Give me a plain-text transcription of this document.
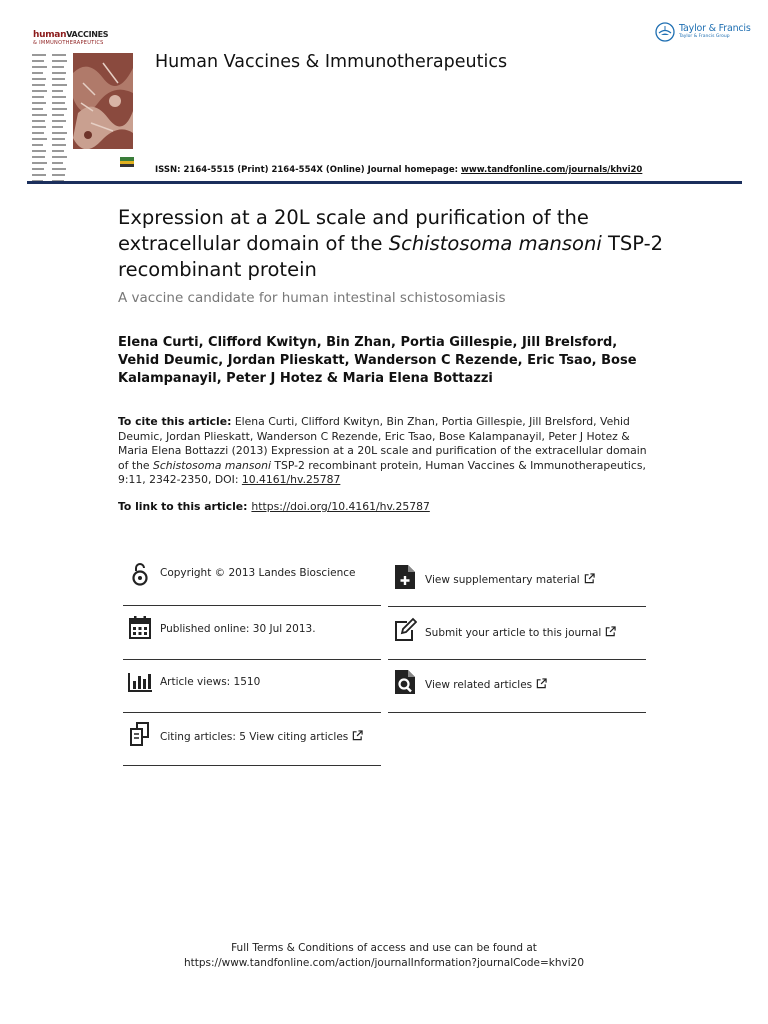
humanVACCINES
& IMMUNOTHERAPEUTICS
Human Vaccines & Immunotherapeutics
Taylor & Francis
Taylor & Francis Group
ISSN: 2164-5515 (Print) 2164-554X (Online) Journal homepage: www.tandfonline.com/journals/khvi20
Expression at a 20L scale and purification of the extracellular domain of the Schistosoma mansoni TSP-2 recombinant protein
A vaccine candidate for human intestinal schistosomiasis
Elena Curti, Clifford Kwityn, Bin Zhan, Portia Gillespie, Jill Brelsford, Vehid Deumic, Jordan Plieskatt, Wanderson C Rezende, Eric Tsao, Bose Kalampanayil, Peter J Hotez & Maria Elena Bottazzi
To cite this article: Elena Curti, Clifford Kwityn, Bin Zhan, Portia Gillespie, Jill Brelsford, Vehid Deumic, Jordan Plieskatt, Wanderson C Rezende, Eric Tsao, Bose Kalampanayil, Peter J Hotez & Maria Elena Bottazzi (2013) Expression at a 20L scale and purification of the extracellular domain of the Schistosoma mansoni TSP-2 recombinant protein, Human Vaccines & Immunotherapeutics, 9:11, 2342-2350, DOI: 10.4161/hv.25787
To link to this article: https://doi.org/10.4161/hv.25787
Copyright © 2013 Landes Bioscience
Published online: 30 Jul 2013.
Article views: 1510
Citing articles: 5 View citing articles
View supplementary material
Submit your article to this journal
View related articles
Full Terms & Conditions of access and use can be found at
https://www.tandfonline.com/action/journalInformation?journalCode=khvi20
